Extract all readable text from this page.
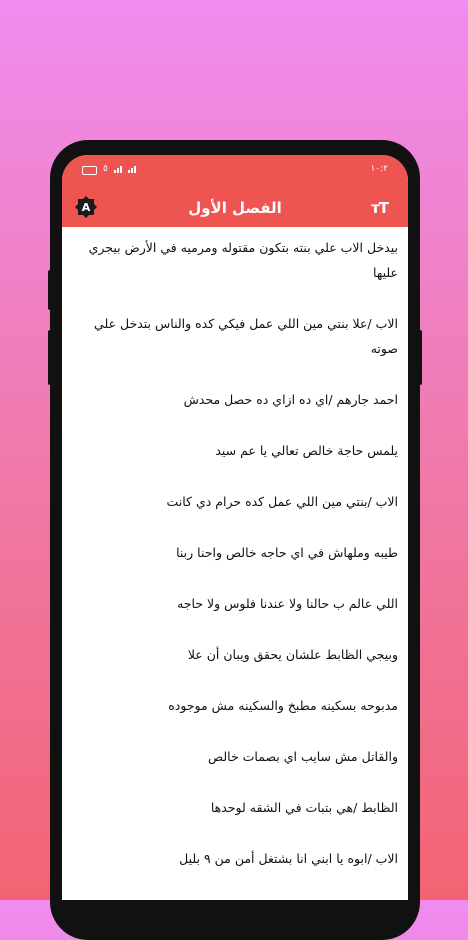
١٠:٢
٥
A	الفصل الأول	тT

بيدخل الاب علي بنته بتكون مقتوله ومرميه في الأرض بيجري عليها

الاب /علا بنتي مين اللي عمل فيكي كده والناس بتدخل علي صوته

احمد جارهم /اي ده ازاي ده حصل محدش

يلمس حاجة خالص تعالي يا عم سيد

الاب /بنتي مين اللي عمل كده حرام دي كانت

طيبه وملهاش في اي حاجه خالص واحنا ربنا

اللي عالم ب حالنا ولا عندنا فلوس ولا حاجه

وبيجي الظابط علشان يحقق ويبان أن علا

مدبوحه بسكينه مطبخ والسكينه مش موجوده

والقاتل مش سايب اي بصمات خالص

الظابط /هي بتبات في الشقه لوحدها

الاب /ابوه يا ابني انا بشتغل أمن من ٩ بليل
